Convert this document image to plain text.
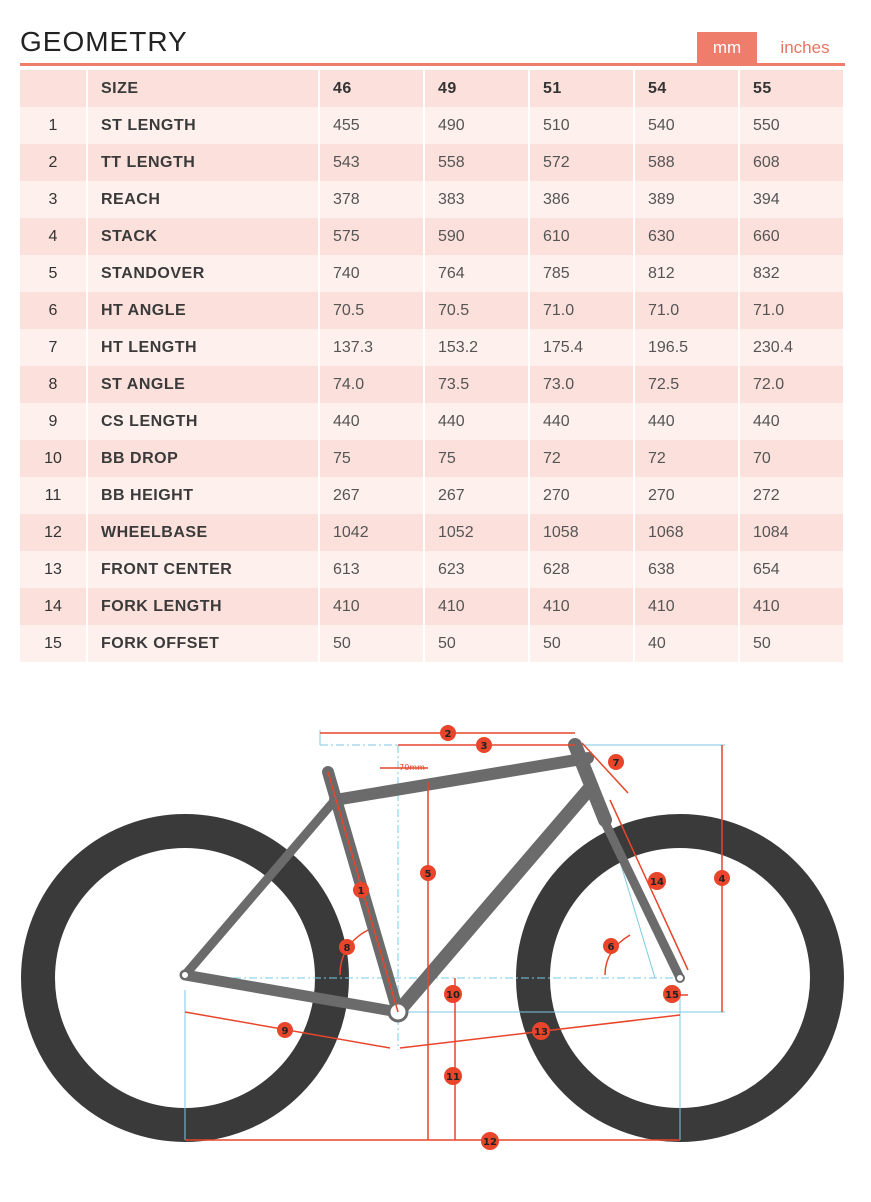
GEOMETRY	mm	inches
	SIZE	46	49	51	54	55
1	ST LENGTH	455	490	510	540	550
2	TT LENGTH	543	558	572	588	608
3	REACH	378	383	386	389	394
4	STACK	575	590	610	630	660
5	STANDOVER	740	764	785	812	832
6	HT ANGLE	70.5	70.5	71.0	71.0	71.0
7	HT LENGTH	137.3	153.2	175.4	196.5	230.4
8	ST ANGLE	74.0	73.5	73.0	72.5	72.0
9	CS LENGTH	440	440	440	440	440
10	BB DROP	75	75	72	72	70
11	BB HEIGHT	267	267	270	270	272
12	WHEELBASE	1042	1052	1058	1068	1084
13	FRONT CENTER	613	623	628	638	654
14	FORK LENGTH	410	410	410	410	410
15	FORK OFFSET	50	50	50	40	50
1
2
3
4
5
6
7
8
9
10
11
12
13
14
15
70mm
